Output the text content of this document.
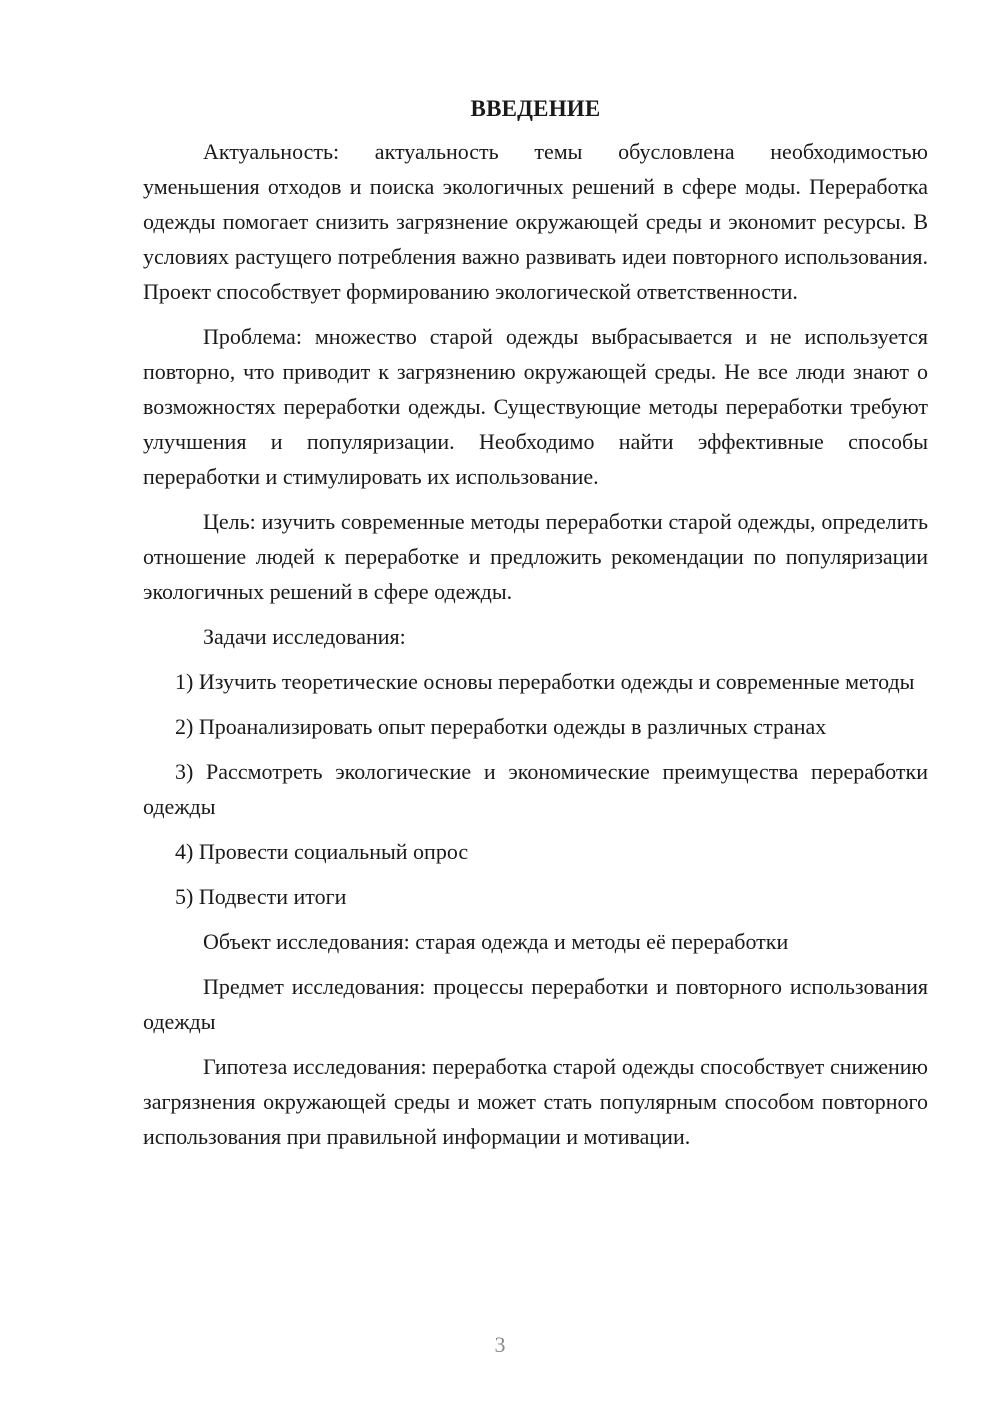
ВВЕДЕНИЕ

Актуальность: актуальность темы обусловлена необходимостью уменьшения отходов и поиска экологичных решений в сфере моды. Переработка одежды помогает снизить загрязнение окружающей среды и экономит ресурсы. В условиях растущего потребления важно развивать идеи повторного использования. Проект способствует формированию экологической ответственности.

Проблема: множество старой одежды выбрасывается и не используется повторно, что приводит к загрязнению окружающей среды. Не все люди знают о возможностях переработки одежды. Существующие методы переработки требуют улучшения и популяризации. Необходимо найти эффективные способы переработки и стимулировать их использование.

Цель: изучить современные методы переработки старой одежды, определить отношение людей к переработке и предложить рекомендации по популяризации экологичных решений в сфере одежды.

Задачи исследования:

1) Изучить теоретические основы переработки одежды и современные методы

2) Проанализировать опыт переработки одежды в различных странах

3) Рассмотреть экологические и экономические преимущества переработки одежды

4) Провести социальный опрос

5) Подвести итоги

Объект исследования: старая одежда и методы её переработки

Предмет исследования: процессы переработки и повторного использования одежды

Гипотеза исследования: переработка старой одежды способствует снижению загрязнения окружающей среды и может стать популярным способом повторного использования при правильной информации и мотивации.

3
